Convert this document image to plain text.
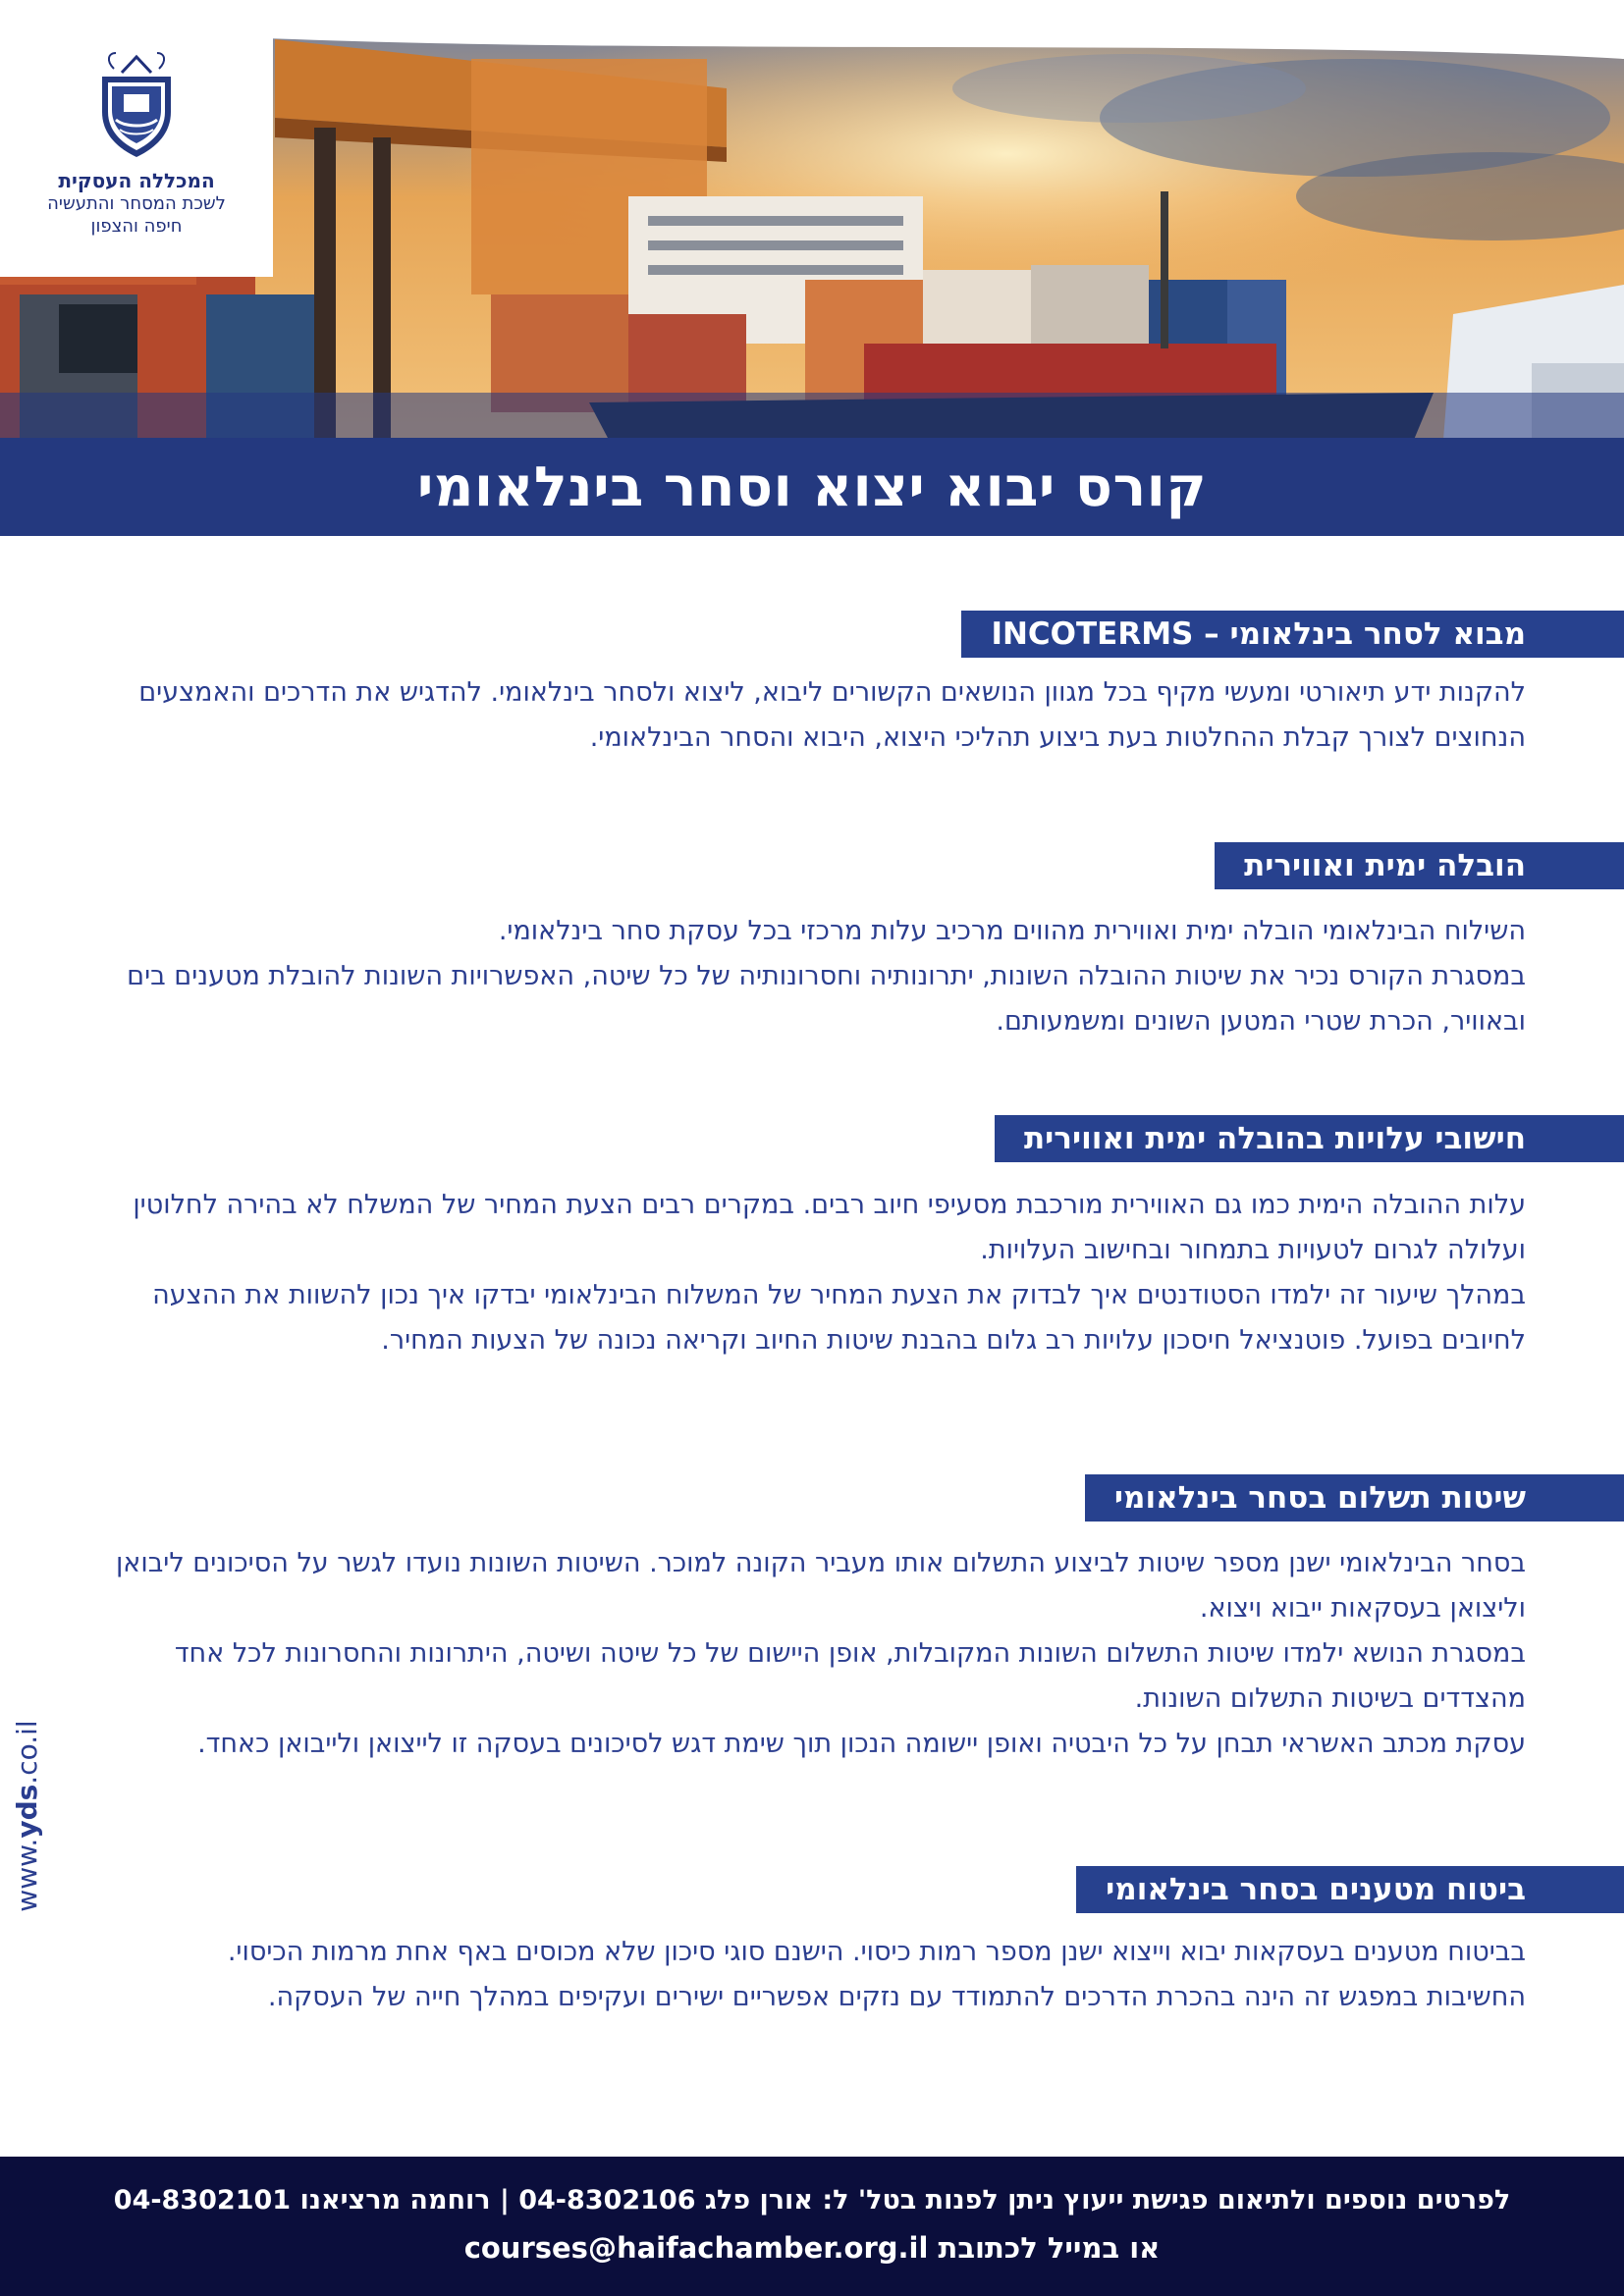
המכללה העסקית
לשכת המסחר והתעשיה
חיפה והצפון
קורס יבוא יצוא וסחר בינלאומי
מבוא לסחר בינלאומי – INCOTERMS

להקנות ידע תיאורטי ומעשי מקיף בכל מגוון הנושאים הקשורים ליבוא, ליצוא ולסחר בינלאומי. להדגיש את הדרכים והאמצעים הנחוצים לצורך קבלת ההחלטות בעת ביצוע תהליכי היצוא, היבוא והסחר הבינלאומי.

הובלה ימית ואווירית

השילוח הבינלאומי הובלה ימית ואווירית מהווים מרכיב עלות מרכזי בכל עסקת סחר בינלאומי.

במסגרת הקורס נכיר את שיטות ההובלה השונות, יתרונותיה וחסרונותיה של כל שיטה, האפשרויות השונות להובלת מטענים בים ובאוויר, הכרת שטרי המטען השונים ומשמעותם.

חישובי עלויות בהובלה ימית ואווירית

עלות ההובלה הימית כמו גם האווירית מורכבת מסעיפי חיוב רבים. במקרים רבים הצעת המחיר של המשלח לא בהירה לחלוטין ועלולה לגרום לטעויות בתמחור ובחישוב העלויות.

במהלך שיעור זה ילמדו הסטודנטים איך לבדוק את הצעת המחיר של המשלוח הבינלאומי יבדקו איך נכון להשוות את ההצעה לחיובים בפועל. פוטנציאל חיסכון עלויות רב גלום בהבנת שיטות החיוב וקריאה נכונה של הצעות המחיר.

שיטות תשלום בסחר בינלאומי

בסחר הבינלאומי ישנן מספר שיטות לביצוע התשלום אותו מעביר הקונה למוכר. השיטות השונות נועדו לגשר על הסיכונים ליבואן וליצואן בעסקאות ייבוא ויצוא.

במסגרת הנושא ילמדו שיטות התשלום השונות המקובלות, אופן היישום של כל שיטה ושיטה, היתרונות והחסרונות לכל אחד מהצדדים בשיטות התשלום השונות.

עסקת מכתב האשראי תבחן על כל היבטיה ואופן יישומה הנכון תוך שימת דגש לסיכונים בעסקה זו לייצואן ולייבואן כאחד.

ביטוח מטענים בסחר בינלאומי

בביטוח מטענים בעסקאות יבוא וייצוא ישנן מספר רמות כיסוי. הישנם סוגי סיכון שלא מכוסים באף אחת מרמות הכיסוי.

החשיבות במפגש זה הינה בהכרת הדרכים להתמודד עם נזקים אפשריים ישירים ועקיפים במהלך חייה של העסקה.

www.yds.co.il
לפרטים נוספים ולתיאום פגישת ייעוץ ניתן לפנות בטל' ל: אורן פלג 04-8302106 | רוחמה מרציאנו 04-8302101
או במייל לכתובת courses@haifachamber.org.il
